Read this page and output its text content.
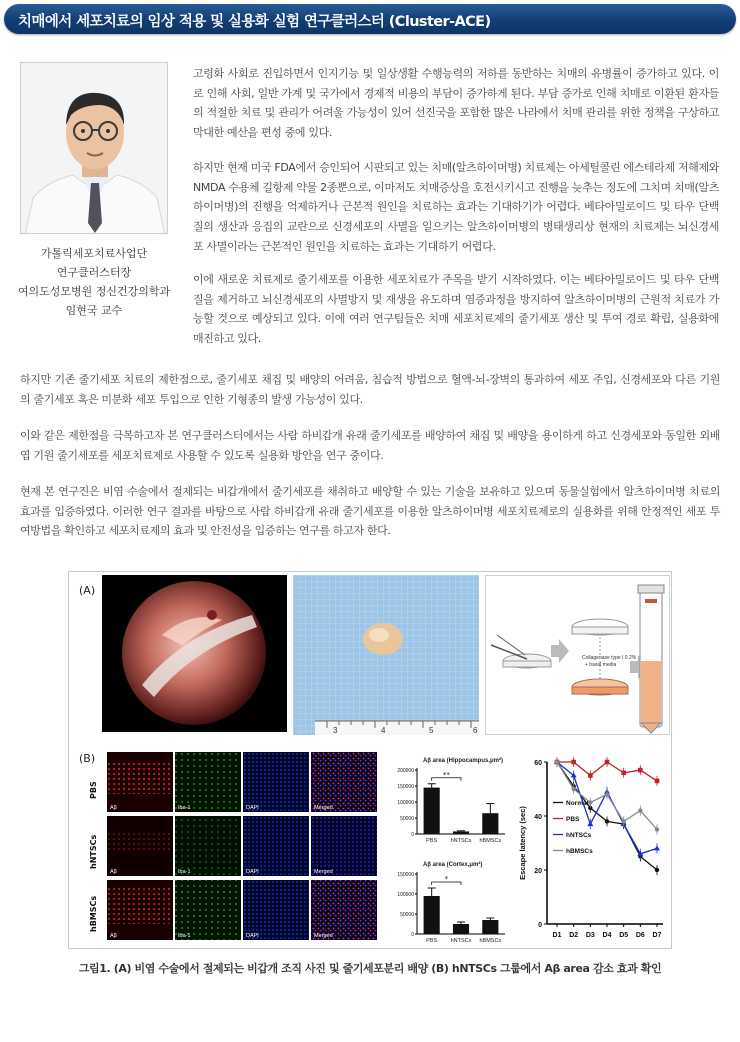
치매에서 세포치료의 임상 적용 및 실용화 실험 연구클러스터 (Cluster-ACE)
가톨릭세포치료사업단
연구클러스터장
여의도성모병원 정신건강의학과
임현국 교수

고령화 사회로 진입하면서 인지기능 및 일상생활 수행능력의 저하를 동반하는 치매의 유병률이 증가하고 있다. 이로 인해 사회, 일반 가계 및 국가에서 경제적 비용의 부담이 증가하게 된다. 부담 증가로 인해 치매로 이환된 환자들의 적절한 치료 및 관리가 어려울 가능성이 있어 선진국을 포함한 많은 나라에서 치매 관리를 위한 정책을 구상하고 막대한 예산을 편성 중에 있다.

하지만 현재 미국 FDA에서 승인되어 시판되고 있는 치매(알츠하이머병) 치료제는 아세틸콜린 에스테라제 저해제와 NMDA 수용체 길항제 약물 2종뿐으로, 이마저도 치매증상을 호전시키시고 진행을 늦추는 정도에 그치며 치매(알츠하이머병)의 진행을 억제하거나 근본적 원인을 치료하는 효과는 기대하기가 어렵다. 베타아밀로이드 및 타우 단백질의 생산과 응집의 교란으로 신경세포의 사멸을 일으키는 알츠하이머병의 병태생리상 현재의 치료제는 뇌신경세포 사멸이라는 근본적인 원인을 치료하는 효과는 기대하기 어렵다.

이에 새로운 치료제로 줄기세포를 이용한 세포치료가 주목을 받기 시작하였다. 이는 베타아밀로이드 및 타우 단백질을 제거하고 뇌신경세포의 사멸방지 및 재생을 유도하며 염증과정을 방지하여 알츠하이머병의 근원적 치료가 가능할 것으로 예상되고 있다. 이에 여러 연구팀들은 치매 세포치료제의 줄기세포 생산 및 투여 경로 확립, 실용화에 매진하고 있다.

하지만 기존 줄기세포 치료의 제한점으로, 줄기세포 채집 및 배양의 어려움, 침습적 방법으로 혈액-뇌-장벽의 통과하여 세포 주입, 신경세포와 다른 기원의 줄기세포 혹은 미분화 세포 투입으로 인한 기형종의 발생 가능성이 있다.

이와 같은 제한점을 극복하고자 본 연구클러스터에서는 사람 하비갑개 유래 줄기세포를 배양하여 채집 및 배양을 용이하게 하고 신경세포와 동일한 외배엽 기원 줄기세포를 세포치료제로 사용할 수 있도록 실용화 방안을 연구 중이다.

현재 본 연구진은 비염 수술에서 절제되는 비갑개에서 줄기세포를 채취하고 배양할 수 있는 기술을 보유하고 있으며 동물실험에서 알츠하이머병 치료의 효과를 입증하였다. 이러한 연구 결과를 바탕으로 사람 하비갑개 유래 줄기세포를 이용한 알츠하이머병 세포치료제로의 실용화를 위해 안정적인 세포 투여방법을 확인하고 세포치료제의 효과 및 안전성을 입증하는 연구를 하고자 한다.

(A)
(B)
3	4	5	6
Collagenase type I 0.2%
+ basal media
PBS
hNTSCs
hBMSCs
Aβ	Iba-1	DAPI	Merged
Aβ	Iba-1	DAPI	Merged
Aβ	Iba-1	DAPI	Merged
Aβ area (Hippocampus,μm²)
0
50000
100000
150000
200000
PBS hNTSCs hBMSCs
**
Aβ area (Cortex,μm²)
0
50000
100000
150000
PBS hNTSCs hBMSCs
*
0
20
40
60
D1 D2 D3 D4 D5 D6 D7
Escape latency (sec)
Normal
PBS
hNTSCs
hBMSCs
그림1. (A) 비염 수술에서 절제되는 비갑개 조직 사진 및 줄기세포분리 배양 (B) hNTSCs 그룹에서 Aβ area 감소 효과 확인
